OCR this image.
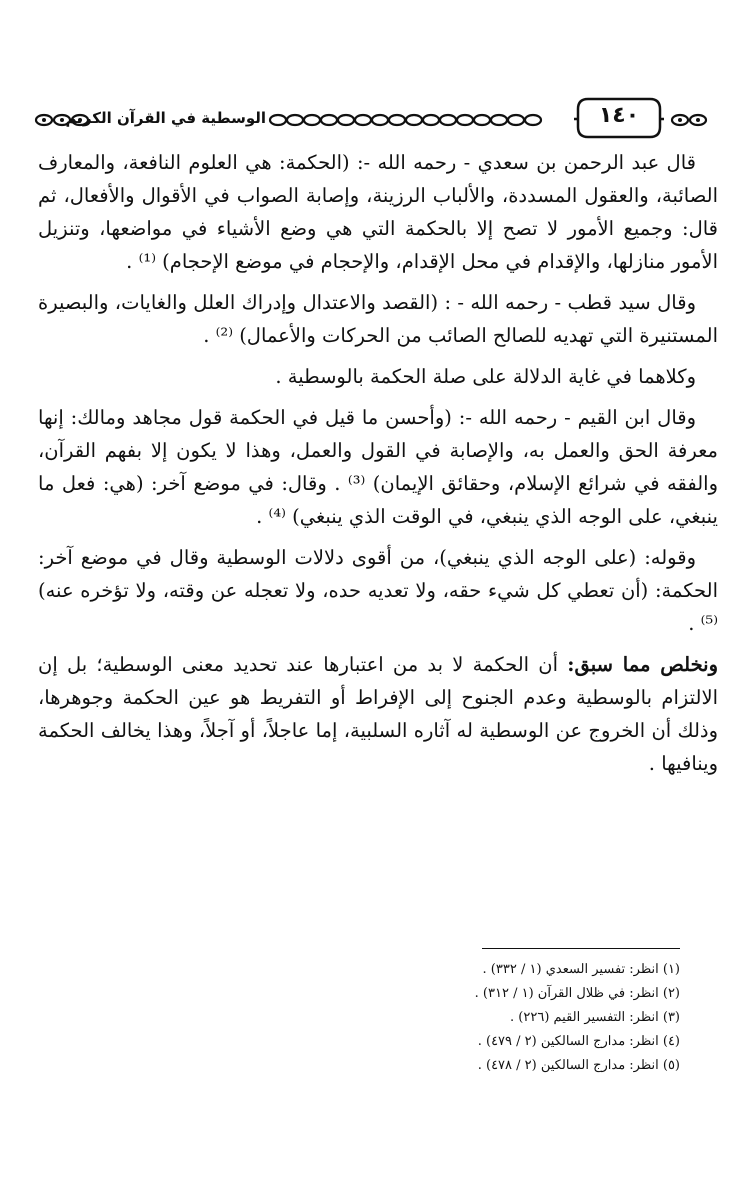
الوسطية في القرآن الكريم	١٤٠

قال عبد الرحمن بن سعدي - رحمه الله -: (الحكمة: هي العلوم النافعة، والمعارف الصائبة، والعقول المسددة، والألباب الرزينة، وإصابة الصواب في الأقوال والأفعال، ثم قال: وجميع الأمور لا تصح إلا بالحكمة التي هي وضع الأشياء في مواضعها، وتنزيل الأمور منازلها، والإقدام في محل الإقدام، والإحجام في موضع الإحجام) ⁽¹⁾ .

وقال سيد قطب - رحمه الله - : (القصد والاعتدال وإدراك العلل والغايات، والبصيرة المستنيرة التي تهديه للصالح الصائب من الحركات والأعمال) ⁽²⁾ .

وكلاهما في غاية الدلالة على صلة الحكمة بالوسطية .

وقال ابن القيم - رحمه الله -: (وأحسن ما قيل في الحكمة قول مجاهد ومالك: إنها معرفة الحق والعمل به، والإصابة في القول والعمل، وهذا لا يكون إلا بفهم القرآن، والفقه في شرائع الإسلام، وحقائق الإيمان) ⁽³⁾ . وقال: في موضع آخر: (هي: فعل ما ينبغي، على الوجه الذي ينبغي، في الوقت الذي ينبغي) ⁽⁴⁾ .

وقوله: (على الوجه الذي ينبغي)، من أقوى دلالات الوسطية وقال في موضع آخر: الحكمة: (أن تعطي كل شيء حقه، ولا تعديه حده، ولا تعجله عن وقته، ولا تؤخره عنه) ⁽⁵⁾ .

ونخلص مما سبق: أن الحكمة لا بد من اعتبارها عند تحديد معنى الوسطية؛ بل إن الالتزام بالوسطية وعدم الجنوح إلى الإفراط أو التفريط هو عين الحكمة وجوهرها، وذلك أن الخروج عن الوسطية له آثاره السلبية، إما عاجلاً، أو آجلاً، وهذا يخالف الحكمة وينافيها .

(١) انظر: تفسير السعدي (١ / ٣٣٢) .

(٢) انظر: في ظلال القرآن (١ / ٣١٢) .

(٣) انظر: التفسير القيم (٢٢٦) .

(٤) انظر: مدارج السالكين (٢ / ٤٧٩) .

(٥) انظر: مدارج السالكين (٢ / ٤٧٨) .
